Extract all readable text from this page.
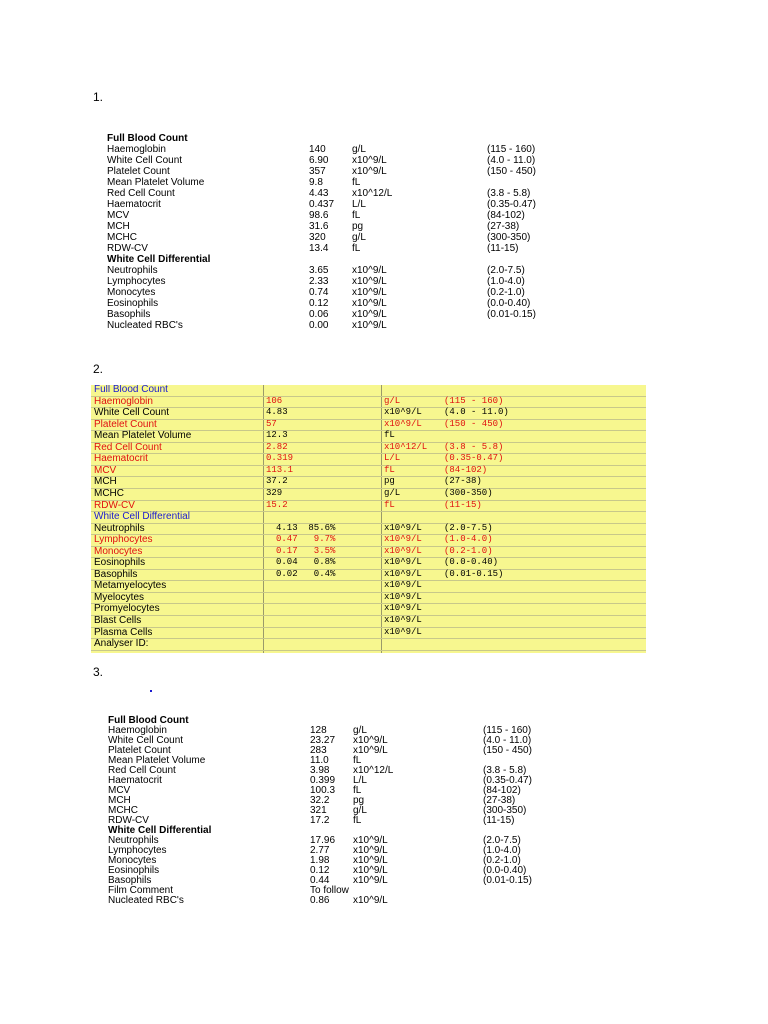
1.
2.
3.
Full Blood Count
Haemoglobin	140	g/L	(115 - 160)
White Cell Count	6.90 x10^9/L	(4.0 - 11.0)
Platelet Count	357	x10^9/L	(150 - 450)
Mean Platelet Volume	9.8	fL
Red Cell Count	4.43 x10^12/L	(3.8 - 5.8)
Haematocrit	0.437 L/L	(0.35-0.47)
MCV	98.6 fL	(84-102)
MCH	31.6 pg	(27-38)
MCHC	320	g/L	(300-350)
RDW-CV	13.4 fL	(11-15)
White Cell Differential
Neutrophils	3.65 x10^9/L	(2.0-7.5)
Lymphocytes	2.33 x10^9/L	(1.0-4.0)
Monocytes	0.74 x10^9/L	(0.2-1.0)
Eosinophils	0.12 x10^9/L	(0.0-0.40)
Basophils	0.06 x10^9/L	(0.01-0.15)
Nucleated RBC's	0.00 x10^9/L
Full Blood Count
Haemoglobin	106	g/L	(115 - 160)
White Cell Count	4.83	x10^9/L (4.0 - 11.0)
Platelet Count	57	x10^9/L (150 - 450)
Mean Platelet Volume	12.3	fL
Red Cell Count	2.82	x10^12/L (3.8 - 5.8)
Haematocrit	0.319	L/L	(0.35-0.47)
MCV	113.1	fL	(84-102)
MCH	37.2	pg	(27-38)
MCHC	329	g/L	(300-350)
RDW-CV	15.2	fL	(11-15)
White Cell Differential
Neutrophils	4.13  85.6%	x10^9/L (2.0-7.5)
Lymphocytes	0.47   9.7%	x10^9/L (1.0-4.0)
Monocytes	0.17   3.5%	x10^9/L (0.2-1.0)
Eosinophils	0.04   0.8%	x10^9/L (0.0-0.40)
Basophils	0.02   0.4%	x10^9/L (0.01-0.15)
Metamyelocytes	x10^9/L
Myelocytes	x10^9/L
Promyelocytes	x10^9/L
Blast Cells	x10^9/L
Plasma Cells	x10^9/L
Analyser ID:
Full Blood Count
Haemoglobin	128	g/L	(115 - 160)
White Cell Count	23.27 x10^9/L	(4.0 - 11.0)
Platelet Count	283	x10^9/L	(150 - 450)
Mean Platelet Volume	11.0 fL
Red Cell Count	3.98 x10^12/L	(3.8 - 5.8)
Haematocrit	0.399 L/L	(0.35-0.47)
MCV	100.3 fL	(84-102)
MCH	32.2 pg	(27-38)
MCHC	321	g/L	(300-350)
RDW-CV	17.2 fL	(11-15)
White Cell Differential
Neutrophils	17.96 x10^9/L	(2.0-7.5)
Lymphocytes	2.77 x10^9/L	(1.0-4.0)
Monocytes	1.98 x10^9/L	(0.2-1.0)
Eosinophils	0.12 x10^9/L	(0.0-0.40)
Basophils	0.44 x10^9/L	(0.01-0.15)
Film Comment	To follow
Nucleated RBC's	0.86 x10^9/L
